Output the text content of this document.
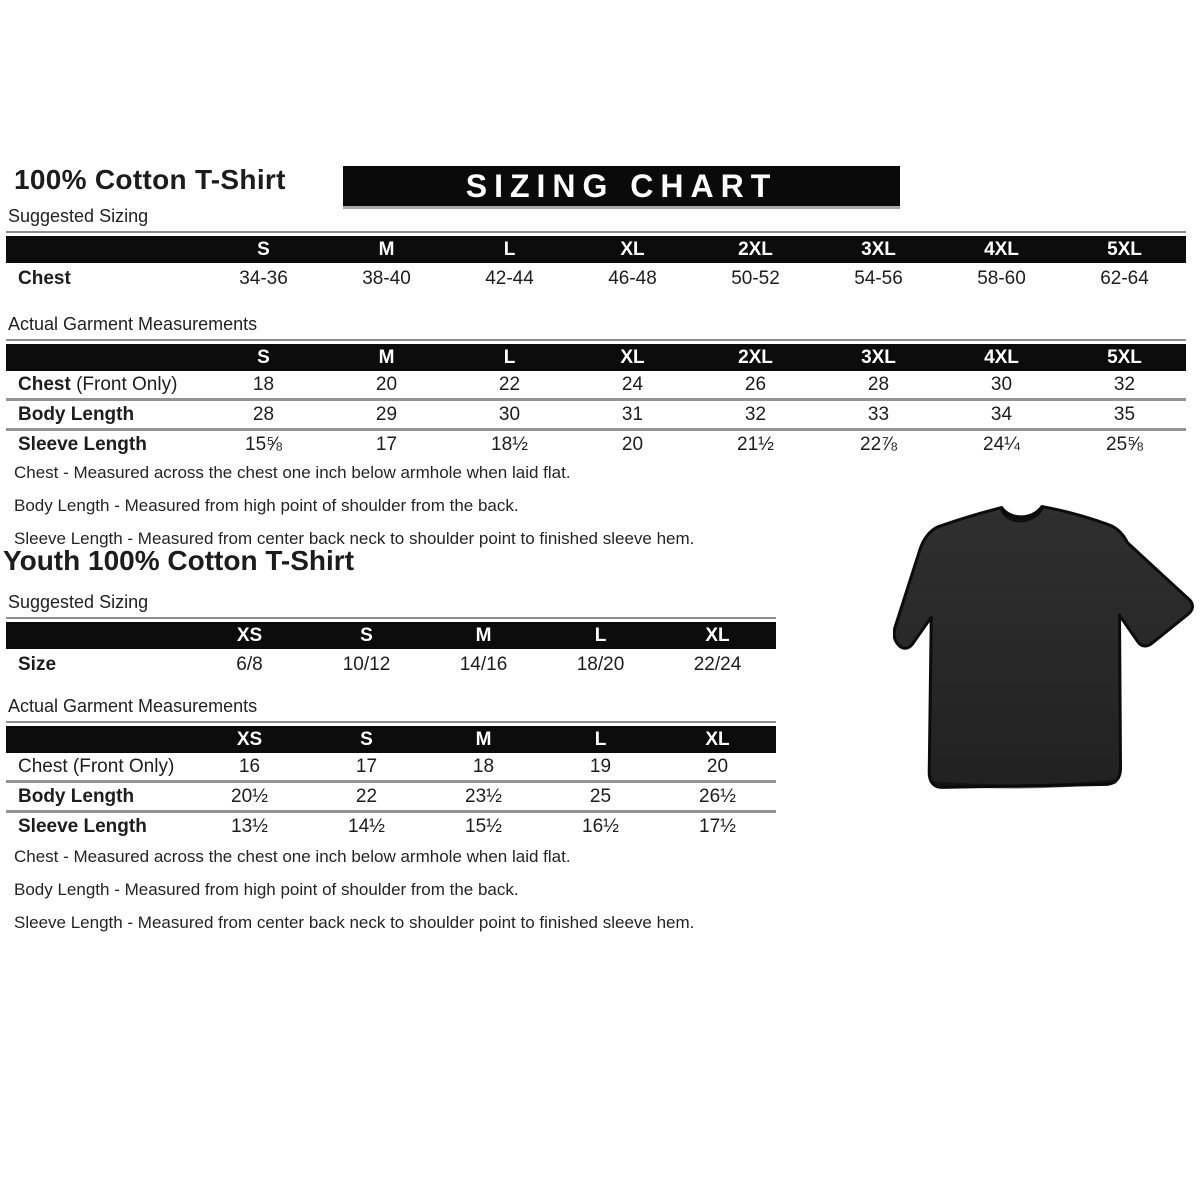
100% Cotton T-Shirt	SIZING CHART
Suggested Sizing
	S	M	L	XL	2XL	3XL	4XL	5XL
Chest	34-36	38-40	42-44	46-48	50-52	54-56	58-60	62-64
Actual Garment Measurements
	S	M	L	XL	2XL	3XL	4XL	5XL
Chest (Front Only)	18	20	22	24	26	28	30	32
Body Length	28	29	30	31	32	33	34	35
Sleeve Length	15⅝	17	18½	20	21½	22⅞	24¼	25⅝
Chest - Measured across the chest one inch below armhole when laid flat.
Body Length - Measured from high point of shoulder from the back.
Sleeve Length - Measured from center back neck to shoulder point to finished sleeve hem.
Youth 100% Cotton T-Shirt
Suggested Sizing
	XS	S	M	L	XL
Size	6/8	10/12	14/16	18/20	22/24
Actual Garment Measurements
	XS	S	M	L	XL
Chest (Front Only)	16	17	18	19	20
Body Length	20½	22	23½	25	26½
Sleeve Length	13½	14½	15½	16½	17½
Chest - Measured across the chest one inch below armhole when laid flat.
Body Length - Measured from high point of shoulder from the back.
Sleeve Length - Measured from center back neck to shoulder point to finished sleeve hem.
